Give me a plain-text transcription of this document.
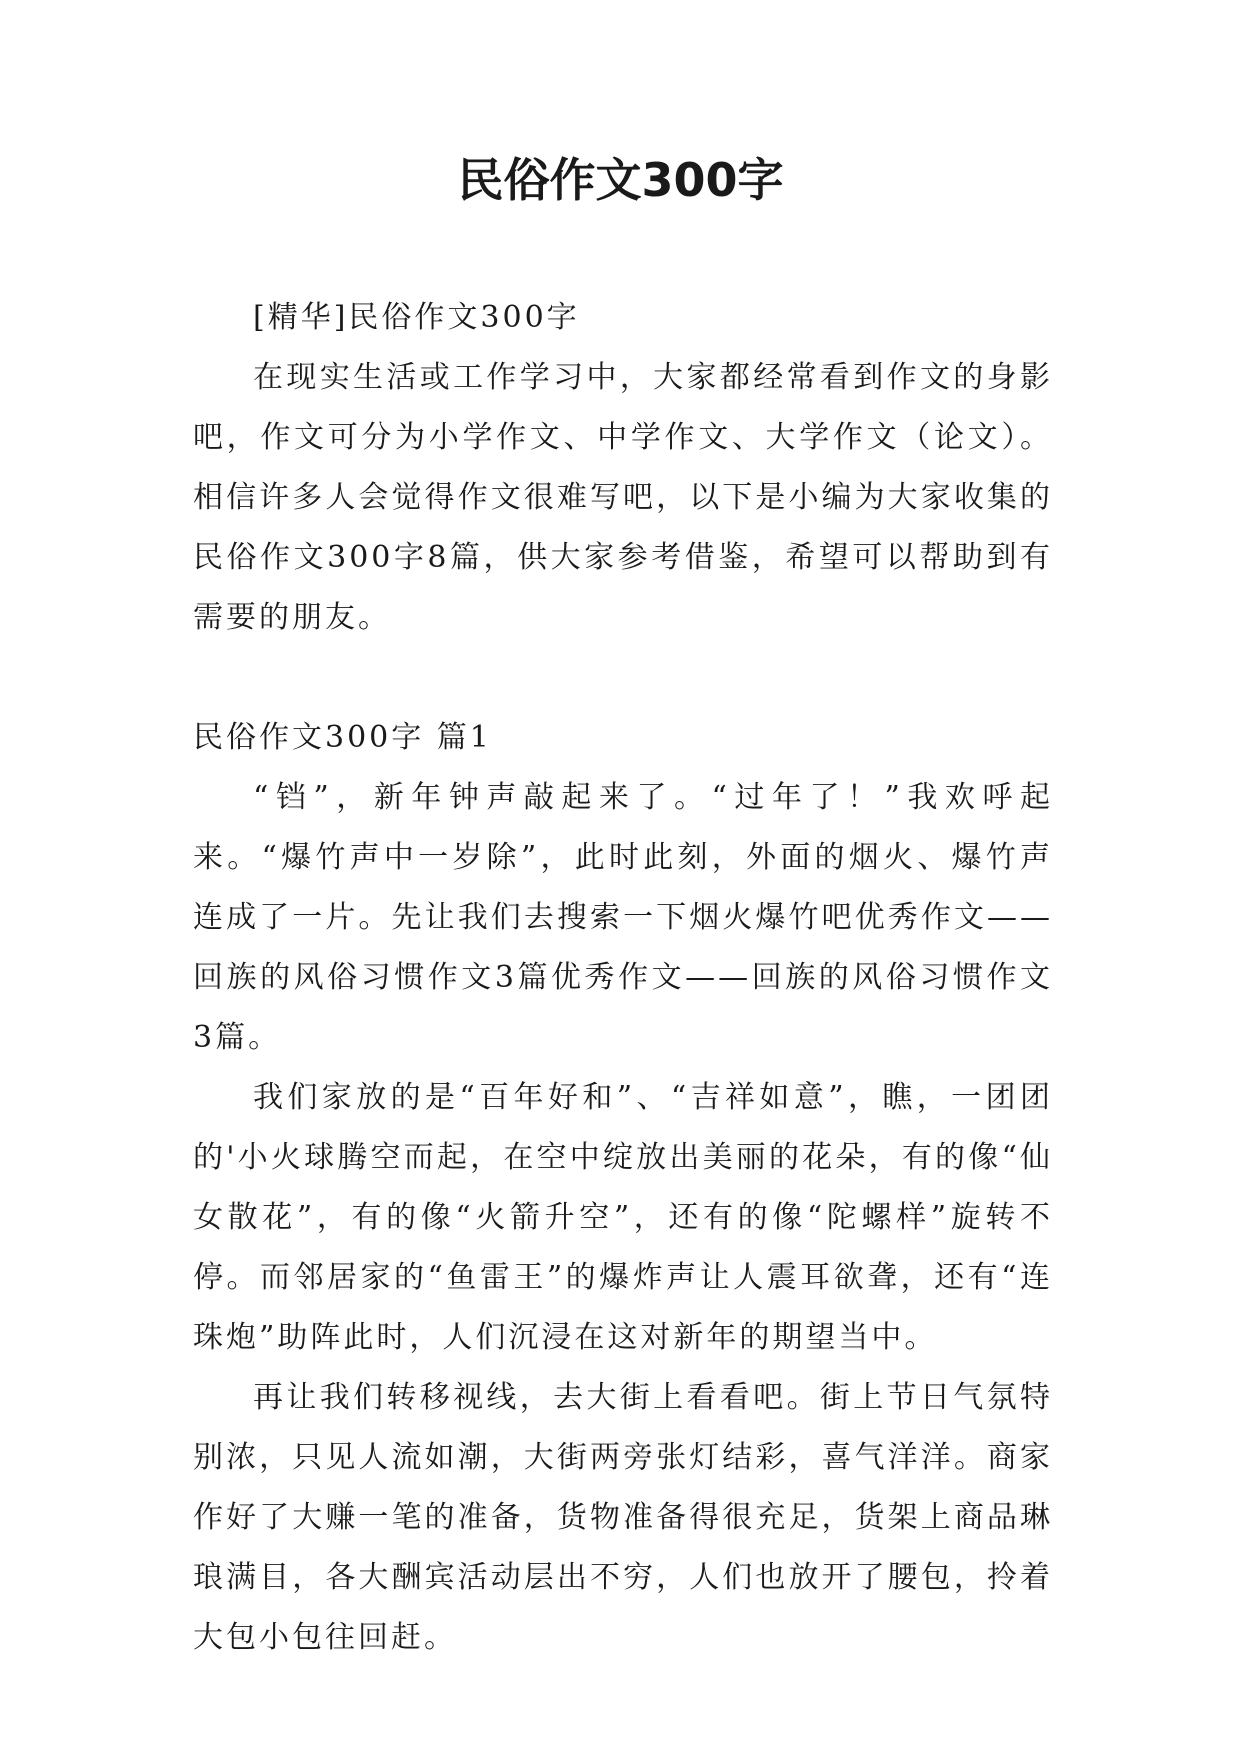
民俗作文300字

[精华]民俗作文300字

在现实生活或工作学习中，大家都经常看到作文的身影吧，作文可分为小学作文、中学作文、大学作文（论文）。相信许多人会觉得作文很难写吧，以下是小编为大家收集的民俗作文300字8篇，供大家参考借鉴，希望可以帮助到有需要的朋友。

民俗作文300字 篇1

“铛”，新年钟声敲起来了。“过年了！”我欢呼起来。“爆竹声中一岁除”，此时此刻，外面的烟火、爆竹声连成了一片。先让我们去搜索一下烟火爆竹吧优秀作文——回族的风俗习惯作文3篇优秀作文——回族的风俗习惯作文3篇。

我们家放的是“百年好和”、“吉祥如意”，瞧，一团团的'小火球腾空而起，在空中绽放出美丽的花朵，有的像“仙女散花”，有的像“火箭升空”，还有的像“陀螺样”旋转不停。而邻居家的“鱼雷王”的爆炸声让人震耳欲聋，还有“连珠炮”助阵此时，人们沉浸在这对新年的期望当中。

再让我们转移视线，去大街上看看吧。街上节日气氛特别浓，只见人流如潮，大街两旁张灯结彩，喜气洋洋。商家作好了大赚一笔的准备，货物准备得很充足，货架上商品琳琅满目，各大酬宾活动层出不穷，人们也放开了腰包，拎着大包小包往回赶。
